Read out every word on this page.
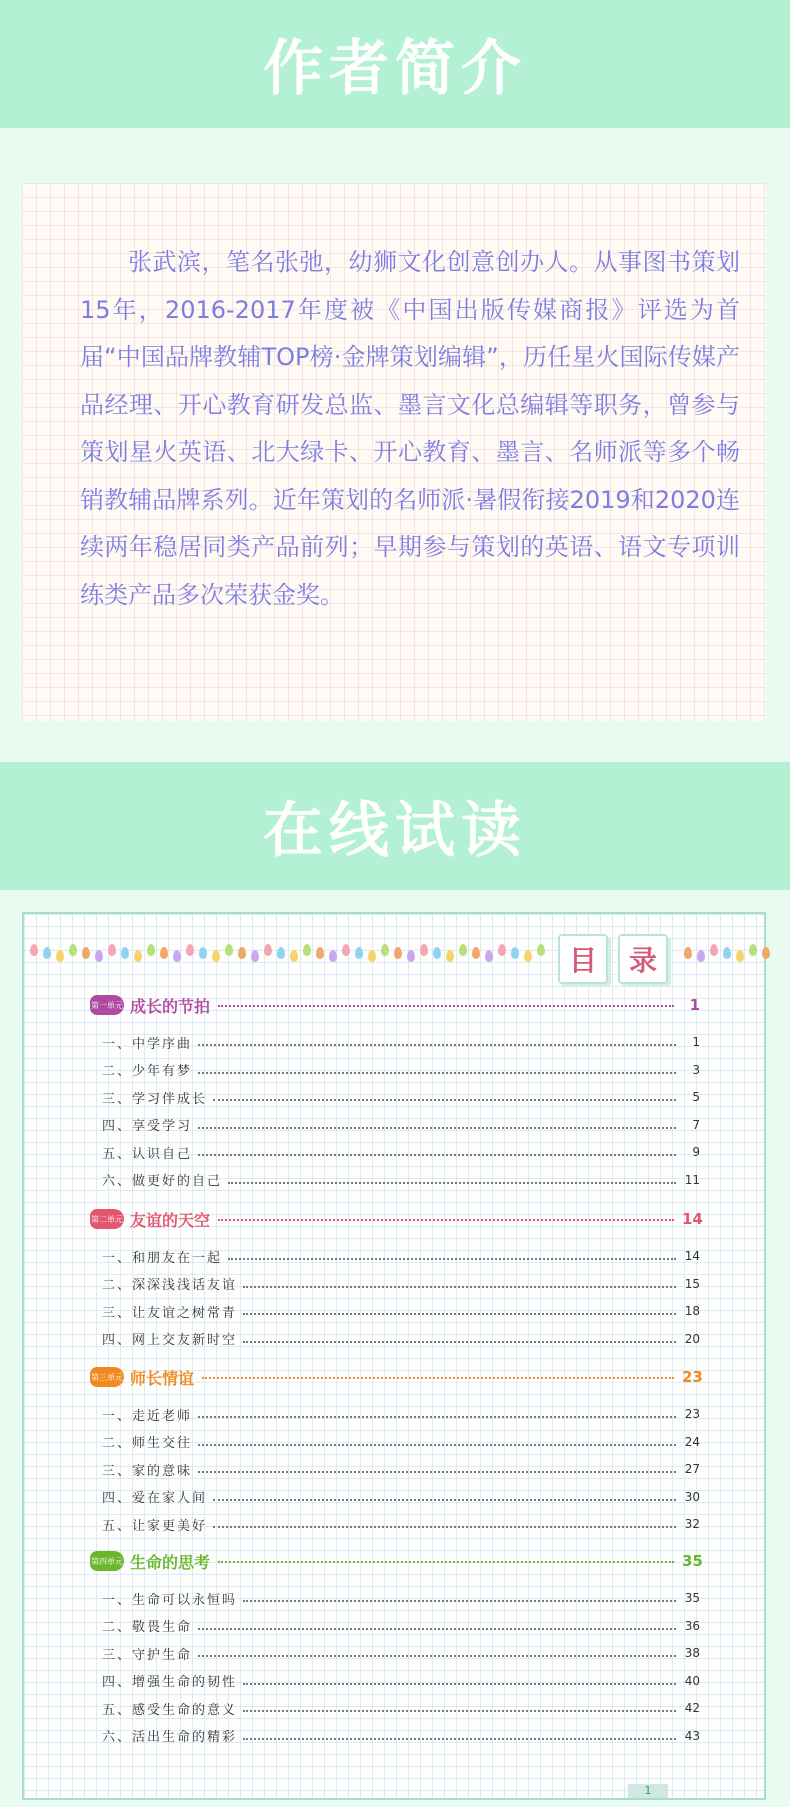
作者简介

张武滨，笔名张弛，幼狮文化创意创办人。从事图书策划15年，2016-2017年度被《中国出版传媒商报》评选为首届“中国品牌教辅TOP榜·金牌策划编辑”，历任星火国际传媒产品经理、开心教育研发总监、墨言文化总编辑等职务，曾参与策划星火英语、北大绿卡、开心教育、墨言、名师派等多个畅销教辅品牌系列。近年策划的名师派·暑假衔接2019和2020连续两年稳居同类产品前列；早期参与策划的英语、语文专项训练类产品多次荣获金奖。

在线试读
目 录
第一单元 成长的节拍	1
一、中学序曲	1
二、少年有梦	3
三、学习伴成长	5
四、享受学习	7
五、认识自己	9
六、做更好的自己	11
第二单元 友谊的天空	14
一、和朋友在一起	14
二、深深浅浅话友谊	15
三、让友谊之树常青	18
四、网上交友新时空	20
第三单元 师长情谊	23
一、走近老师	23
二、师生交往	24
三、家的意味	27
四、爱在家人间	30
五、让家更美好	32
第四单元 生命的思考	35
一、生命可以永恒吗	35
二、敬畏生命	36
三、守护生命	38
四、增强生命的韧性	40
五、感受生命的意义	42
六、活出生命的精彩	43
1
